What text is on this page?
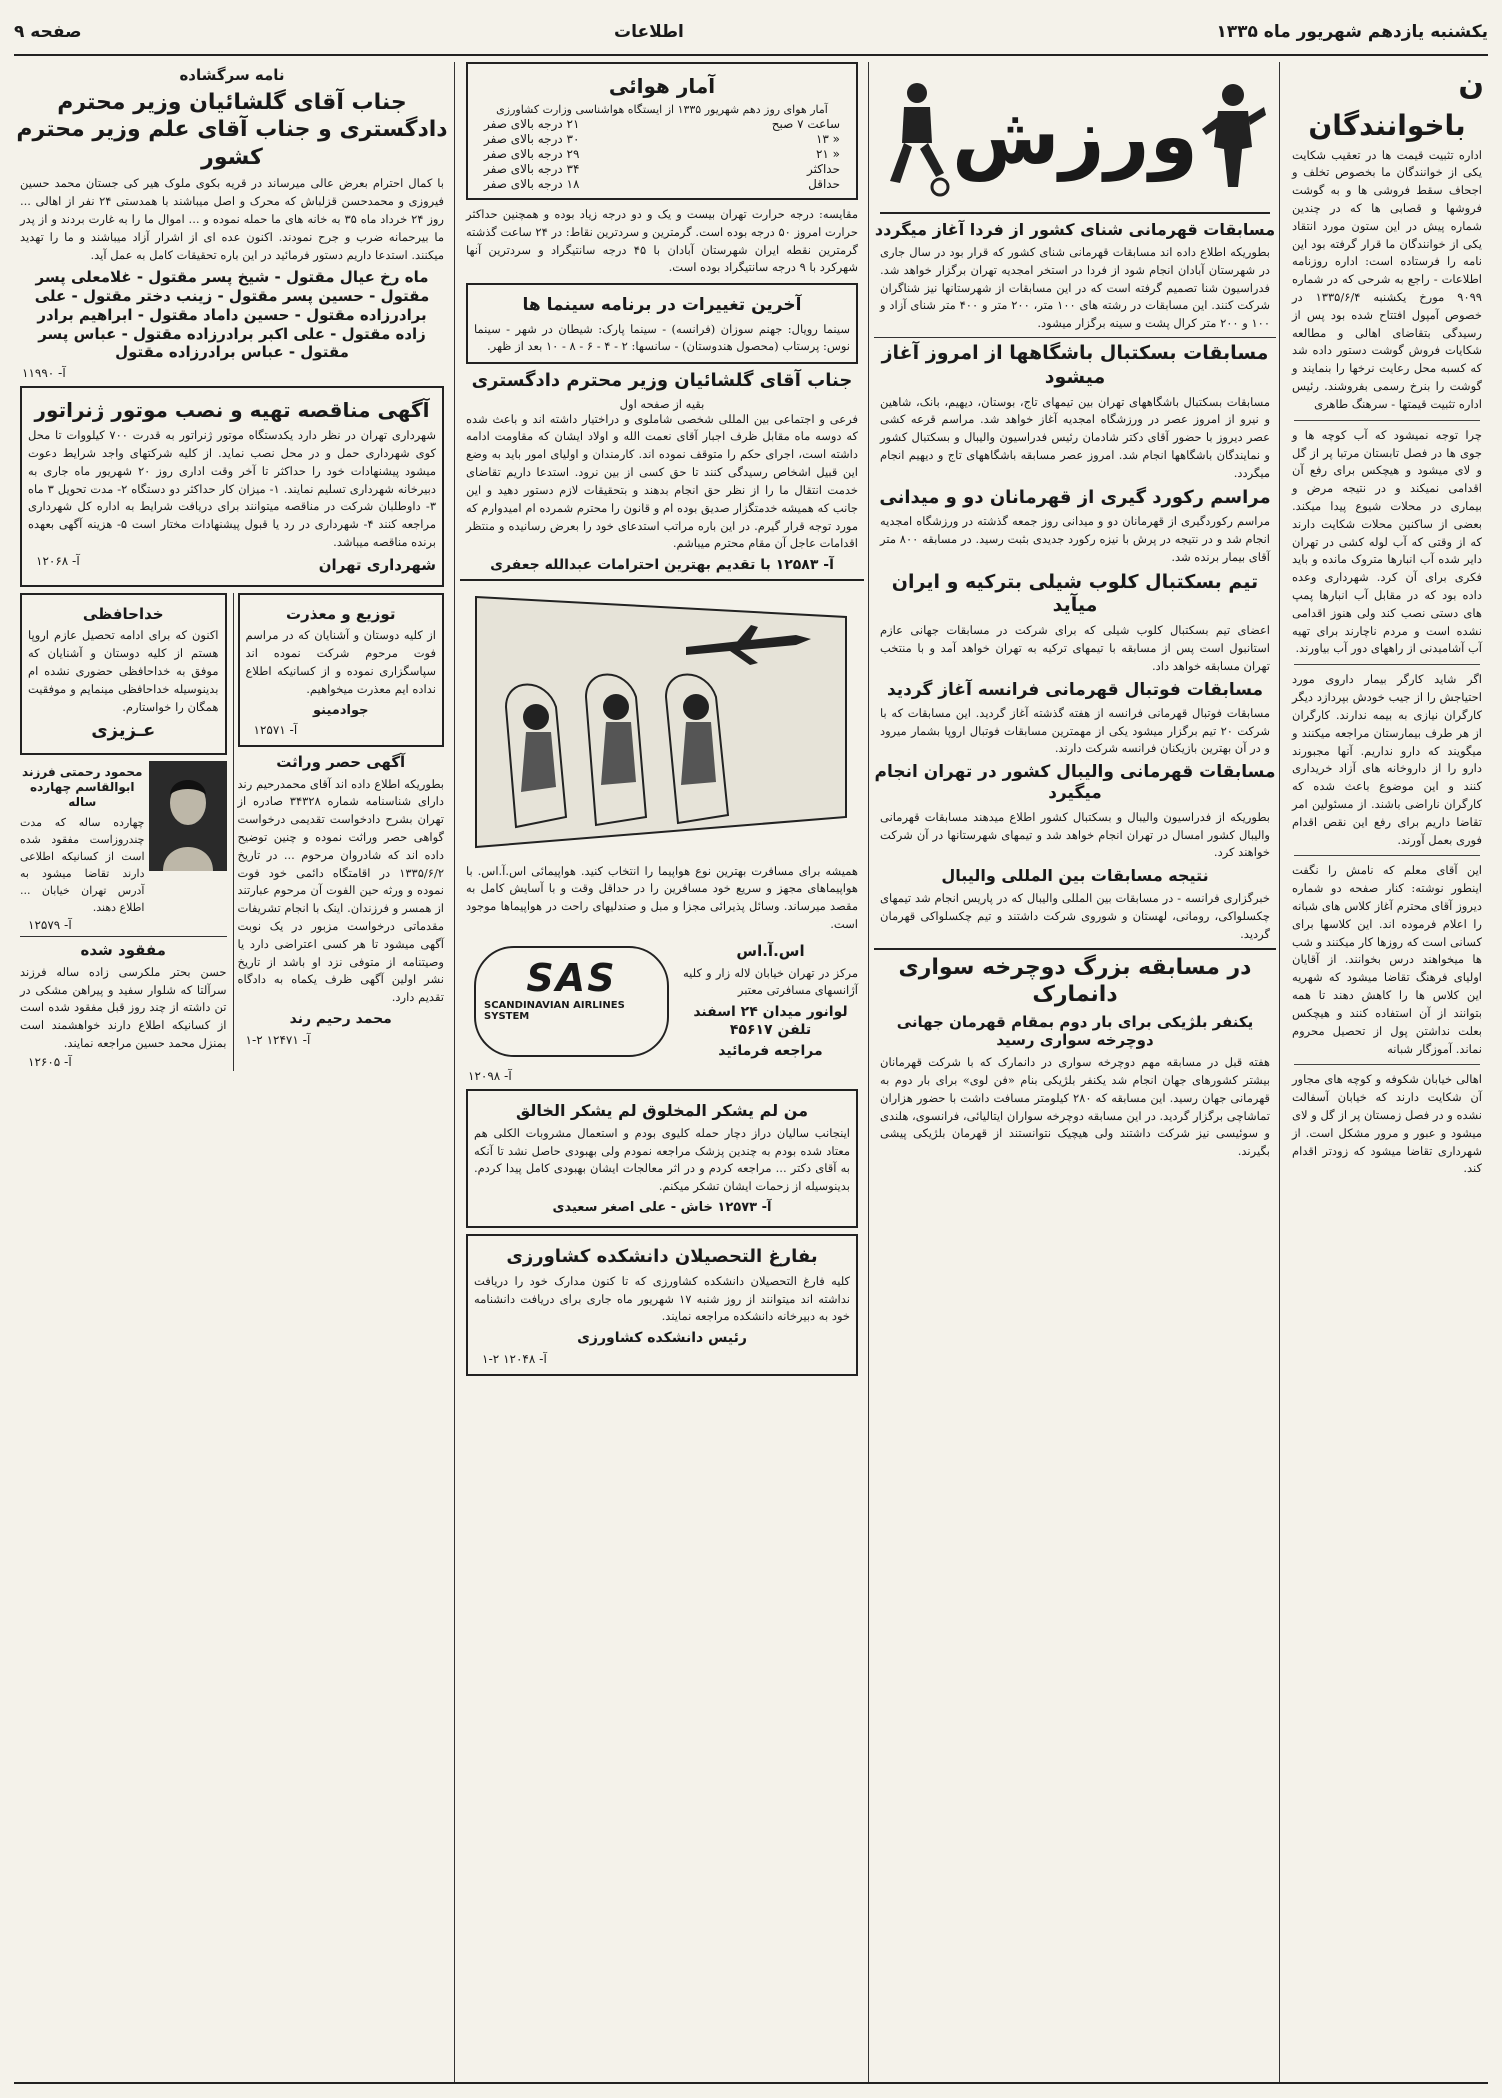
صفحه ۹	اطلاعات	یکشنبه یازدهم شهریور ماه ۱۳۳۵
ن
باخوانندگان
اداره تثبیت قیمت ها در تعقیب شکایت یکی از خوانندگان ما بخصوص تخلف و اجحاف سقط فروشی ها و به گوشت فروشها و قصابی ها که در چندین شماره پیش در این ستون مورد انتقاد یکی از خوانندگان ما قرار گرفته بود این نامه را فرستاده است: اداره روزنامه اطلاعات - راجع به شرحی که در شماره ۹۰۹۹ مورخ یکشنبه ۱۳۳۵/۶/۴ در خصوص آمپول افتتاح شده بود پس از رسیدگی بتقاضای اهالی و مطالعه شکایات فروش گوشت دستور داده شد که کسبه محل رعایت نرخها را بنمایند و گوشت را بنرخ رسمی بفروشند. رئیس اداره تثبیت قیمتها - سرهنگ طاهری
چرا توجه نمیشود که آب کوچه ها و جوی ها در فصل تابستان مرتبا پر از گل و لای میشود و هیچکس برای رفع آن اقدامی نمیکند و در نتیجه مرض و بیماری در محلات شیوع پیدا میکند. بعضی از ساکنین محلات شکایت دارند که از وقتی که آب لوله کشی در تهران دایر شده آب انبارها متروک مانده و باید فکری برای آن کرد. شهرداری وعده داده بود که در مقابل آب انبارها پمپ های دستی نصب کند ولی هنوز اقدامی نشده است و مردم ناچارند برای تهیه آب آشامیدنی از راههای دور آب بیاورند.
اگر شاید کارگر بیمار داروی مورد احتیاجش را از جیب خودش بپردازد دیگر کارگران نیازی به بیمه ندارند. کارگران از هر طرف بیمارستان مراجعه میکنند و میگویند که دارو نداریم. آنها مجبورند دارو را از داروخانه های آزاد خریداری کنند و این موضوع باعث شده که کارگران ناراضی باشند. از مسئولین امر تقاضا داریم برای رفع این نقص اقدام فوری بعمل آورند.
این آقای معلم که نامش را نگفت اینطور نوشته: کنار صفحه دو شماره دیروز آقای محترم آغاز کلاس های شبانه را اعلام فرموده اند. این کلاسها برای کسانی است که روزها کار میکنند و شب ها میخواهند درس بخوانند. از آقایان اولیای فرهنگ تقاضا میشود که شهریه این کلاس ها را کاهش دهند تا همه بتوانند از آن استفاده کنند و هیچکس بعلت نداشتن پول از تحصیل محروم نماند. آموزگار شبانه
اهالی خیابان شکوفه و کوچه های مجاور آن شکایت دارند که خیابان آسفالت نشده و در فصل زمستان پر از گل و لای میشود و عبور و مرور مشکل است. از شهرداری تقاضا میشود که زودتر اقدام کند.
ورزش
مسابقات قهرمانی شنای کشور از فردا آغاز میگردد
بطوریکه اطلاع داده اند مسابقات قهرمانی شنای کشور که قرار بود در سال جاری در شهرستان آبادان انجام شود از فردا در استخر امجدیه تهران برگزار خواهد شد. فدراسیون شنا تصمیم گرفته است که در این مسابقات از شهرستانها نیز شناگران شرکت کنند. این مسابقات در رشته های ۱۰۰ متر، ۲۰۰ متر و ۴۰۰ متر شنای آزاد و ۱۰۰ و ۲۰۰ متر کرال پشت و سینه برگزار میشود.
مسابقات بسکتبال باشگاهها از امروز آغاز میشود
مسابقات بسکتبال باشگاههای تهران بین تیمهای تاج، بوستان، دیهیم، بانک، شاهین و نیرو از امروز عصر در ورزشگاه امجدیه آغاز خواهد شد. مراسم قرعه کشی عصر دیروز با حضور آقای دکتر شادمان رئیس فدراسیون والیبال و بسکتبال کشور و نمایندگان باشگاهها انجام شد. امروز عصر مسابقه باشگاههای تاج و دیهیم انجام میگردد.
مراسم رکورد گیری از قهرمانان دو و میدانی
مراسم رکوردگیری از قهرمانان دو و میدانی روز جمعه گذشته در ورزشگاه امجدیه انجام شد و در نتیجه در پرش با نیزه رکورد جدیدی بثبت رسید. در مسابقه ۸۰۰ متر آقای بیمار برنده شد.
تیم بسکتبال کلوب شیلی بترکیه و ایران میآید
اعضای تیم بسکتبال کلوب شیلی که برای شرکت در مسابقات جهانی عازم استانبول است پس از مسابقه با تیمهای ترکیه به تهران خواهد آمد و با منتخب تهران مسابقه خواهد داد.
مسابقات فوتبال قهرمانی فرانسه آغاز گردید
مسابقات فوتبال قهرمانی فرانسه از هفته گذشته آغاز گردید. این مسابقات که با شرکت ۲۰ تیم برگزار میشود یکی از مهمترین مسابقات فوتبال اروپا بشمار میرود و در آن بهترین بازیکنان فرانسه شرکت دارند.
مسابقات قهرمانی والیبال کشور در تهران انجام میگیرد
بطوریکه از فدراسیون والیبال و بسکتبال کشور اطلاع میدهند مسابقات قهرمانی والیبال کشور امسال در تهران انجام خواهد شد و تیمهای شهرستانها در آن شرکت خواهند کرد.
نتیجه مسابقات بین المللی والیبال
خبرگزاری فرانسه - در مسابقات بین المللی والیبال که در پاریس انجام شد تیمهای چکسلواکی، رومانی، لهستان و شوروی شرکت داشتند و تیم چکسلواکی قهرمان گردید.
در مسابقه بزرگ دوچرخه سواری دانمارک
یکنفر بلژیکی برای بار دوم بمقام قهرمان جهانی دوچرخه سواری رسید
هفته قبل در مسابقه مهم دوچرخه سواری در دانمارک که با شرکت قهرمانان بیشتر کشورهای جهان انجام شد یکنفر بلژیکی بنام «فن لوی» برای بار دوم به قهرمانی جهان رسید. این مسابقه که ۲۸۰ کیلومتر مسافت داشت با حضور هزاران تماشاچی برگزار گردید. در این مسابقه دوچرخه سواران ایتالیائی، فرانسوی، هلندی و سوئیسی نیز شرکت داشتند ولی هیچیک نتوانستند از قهرمان بلژیکی پیشی بگیرند.
آمار هوائی
آمار هوای روز دهم شهریور ۱۳۳۵ از ایستگاه هواشناسی وزارت کشاورزی
ساعت ۷ صبح
۲۱ درجه بالای صفر
« ۱۳
۳۰ درجه بالای صفر
« ۲۱
۲۹ درجه بالای صفر
حداکثر
۳۴ درجه بالای صفر
حداقل
۱۸ درجه بالای صفر
مقایسه: درجه حرارت تهران بیست و یک و دو درجه زیاد بوده و همچنین حداکثر حرارت امروز ۵۰ درجه بوده است. گرمترین و سردترین نقاط: در ۲۴ ساعت گذشته گرمترین نقطه ایران شهرستان آبادان با ۴۵ درجه سانتیگراد و سردترین آنها شهرکرد با ۹ درجه سانتیگراد بوده است.
آخرین تغییرات در برنامه سینما ها
سینما رویال: جهنم سوزان (فرانسه) - سینما پارک: شیطان در شهر - سینما نوس: پرستاب (محصول هندوستان) - سانسها: ۲ - ۴ - ۶ - ۸ - ۱۰ بعد از ظهر.
جناب آقای گلشائیان وزیر محترم دادگستری
بقیه از صفحه اول
فرعی و اجتماعی بین المللی شخصی شاملوی و دراختیار داشته اند و باعث شده که دوسه ماه مقابل ظرف اجبار آقای نعمت الله و اولاد ایشان که مقاومت ادامه داشته است، اجرای حکم را متوقف نموده اند. کارمندان و اولیای امور باید به وضع این قبیل اشخاص رسیدگی کنند تا حق کسی از بین نرود. استدعا داریم تقاضای خدمت انتقال ما را از نظر حق انجام بدهند و بتحقیقات لازم دستور دهید و این جانب که همیشه خدمتگزار صدیق بوده ام و قانون را محترم شمرده ام امیدوارم که مورد توجه قرار گیرم. در این باره مراتب استدعای خود را بعرض رسانیده و منتظر اقدامات عاجل آن مقام محترم میباشم.
آ- ۱۲۵۸۳ با تقدیم بهترین احترامات عبدالله جعفری
همیشه برای مسافرت بهترین نوع هواپیما را انتخاب کنید. هواپیمائی اس.آ.اس. با هواپیماهای مجهز و سریع خود مسافرین را در حداقل وقت و با آسایش کامل به مقصد میرساند. وسائل پذیرائی مجزا و مبل و صندلیهای راحت در هواپیماها موجود است.
اس.آ.اس
مرکز در تهران خیابان لاله زار و کلیه آژانسهای مسافرتی معتبر
لوانور میدان ۲۴ اسفند تلفن ۴۵۶۱۷
مراجعه فرمائید
SAS
SCANDINAVIAN AIRLINES SYSTEM
آ- ۱۲۰۹۸
من لم یشکر المخلوق لم یشکر الخالق
اینجانب سالیان دراز دچار حمله کلیوی بودم و استعمال مشروبات الکلی هم معتاد شده بودم به چندین پزشک مراجعه نمودم ولی بهبودی حاصل نشد تا آنکه به آقای دکتر ... مراجعه کردم و در اثر معالجات ایشان بهبودی کامل پیدا کردم. بدینوسیله از زحمات ایشان تشکر میکنم.
آ- ۱۲۵۷۳ خاش - علی اصغر سعیدی
بفارغ التحصیلان دانشکده کشاورزی
کلیه فارغ التحصیلان دانشکده کشاورزی که تا کنون مدارک خود را دریافت نداشته اند میتوانند از روز شنبه ۱۷ شهریور ماه جاری برای دریافت دانشنامه خود به دبیرخانه دانشکده مراجعه نمایند.
رئیس دانشکده کشاورزی
آ- ۱۲۰۴۸ ۲-۱
نامه سرگشاده
جناب آقای گلشائیان وزیر محترم دادگستری و جناب آقای علم وزیر محترم کشور
با کمال احترام بعرض عالی میرساند در قریه بکوی ملوک هیر کی جستان محمد حسین فیروزی و محمدحسن قزلباش که محرک و اصل میباشند با همدستی ۲۴ نفر از اهالی ... روز ۲۴ خرداد ماه ۳۵ به خانه های ما حمله نموده و ... اموال ما را به غارت بردند و از پدر ما بیرحمانه ضرب و جرح نمودند. اکنون عده ای از اشرار آزاد میباشند و ما را تهدید میکنند. استدعا داریم دستور فرمائید در این باره تحقیقات کامل به عمل آید.
ماه رخ عیال مقتول - شیخ پسر مقتول - غلامعلی پسر مقتول - حسین پسر مقتول - زینب دختر مقتول - علی برادرزاده مقتول - حسین داماد مقتول - ابراهیم برادر زاده مقتول - علی اکبر برادرزاده مقتول - عباس پسر مقتول - عباس برادرزاده مقتول
آ- ۱۱۹۹۰
آگهی مناقصه تهیه و نصب موتور ژنراتور
شهرداری تهران در نظر دارد یکدستگاه موتور ژنراتور به قدرت ۷۰۰ کیلووات تا محل کوی شهرداری حمل و در محل نصب نماید. از کلیه شرکتهای واجد شرایط دعوت میشود پیشنهادات خود را حداکثر تا آخر وقت اداری روز ۲۰ شهریور ماه جاری به دبیرخانه شهرداری تسلیم نمایند. ۱- میزان کار حداکثر دو دستگاه ۲- مدت تحویل ۳ ماه ۳- داوطلبان شرکت در مناقصه میتوانند برای دریافت شرایط به اداره کل شهرداری مراجعه کنند ۴- شهرداری در رد یا قبول پیشنهادات مختار است ۵- هزینه آگهی بعهده برنده مناقصه میباشد.
شهرداری تهران
آ- ۱۲۰۶۸
توزیع و معذرت
از کلیه دوستان و آشنایان که در مراسم فوت مرحوم شرکت نموده اند سپاسگزاری نموده و از کسانیکه اطلاع نداده ایم معذرت میخواهیم.
جوادمینو
آ- ۱۲۵۷۱
آگهی حصر وراثت
بطوریکه اطلاع داده اند آقای محمدرحیم رند دارای شناسنامه شماره ۳۴۳۲۸ صادره از تهران بشرح دادخواست تقدیمی درخواست گواهی حصر وراثت نموده و چنین توضیح داده اند که شادروان مرحوم ... در تاریخ ۱۳۳۵/۶/۲ در اقامتگاه دائمی خود فوت نموده و ورثه حین الفوت آن مرحوم عبارتند از همسر و فرزندان. اینک با انجام تشریفات مقدماتی درخواست مزبور در یک نوبت آگهی میشود تا هر کسی اعتراضی دارد یا وصیتنامه از متوفی نزد او باشد از تاریخ نشر اولین آگهی ظرف یکماه به دادگاه تقدیم دارد.
محمد رحیم رند
آ- ۱۲۴۷۱ ۲-۱
خداحافظی
اکنون که برای ادامه تحصیل عازم اروپا هستم از کلیه دوستان و آشنایان که موفق به خداحافظی حضوری نشده ام بدینوسیله خداحافظی مینمایم و موفقیت همگان را خواستارم.
عـزیزی
محمود رحمتی فرزند ابوالقاسم چهارده ساله
چهارده ساله که مدت چندروزاست مفقود شده است از کسانیکه اطلاعی دارند تقاضا میشود به آدرس تهران خیابان ... اطلاع دهند.
آ- ۱۲۵۷۹
مفقود شده
حسن بحتر ملکرسی زاده ساله فرزند سرآلتا که شلوار سفید و پیراهن مشکی در تن داشته از چند روز قبل مفقود شده است از کسانیکه اطلاع دارند خواهشمند است بمنزل محمد حسین مراجعه نمایند.
آ- ۱۲۶۰۵
